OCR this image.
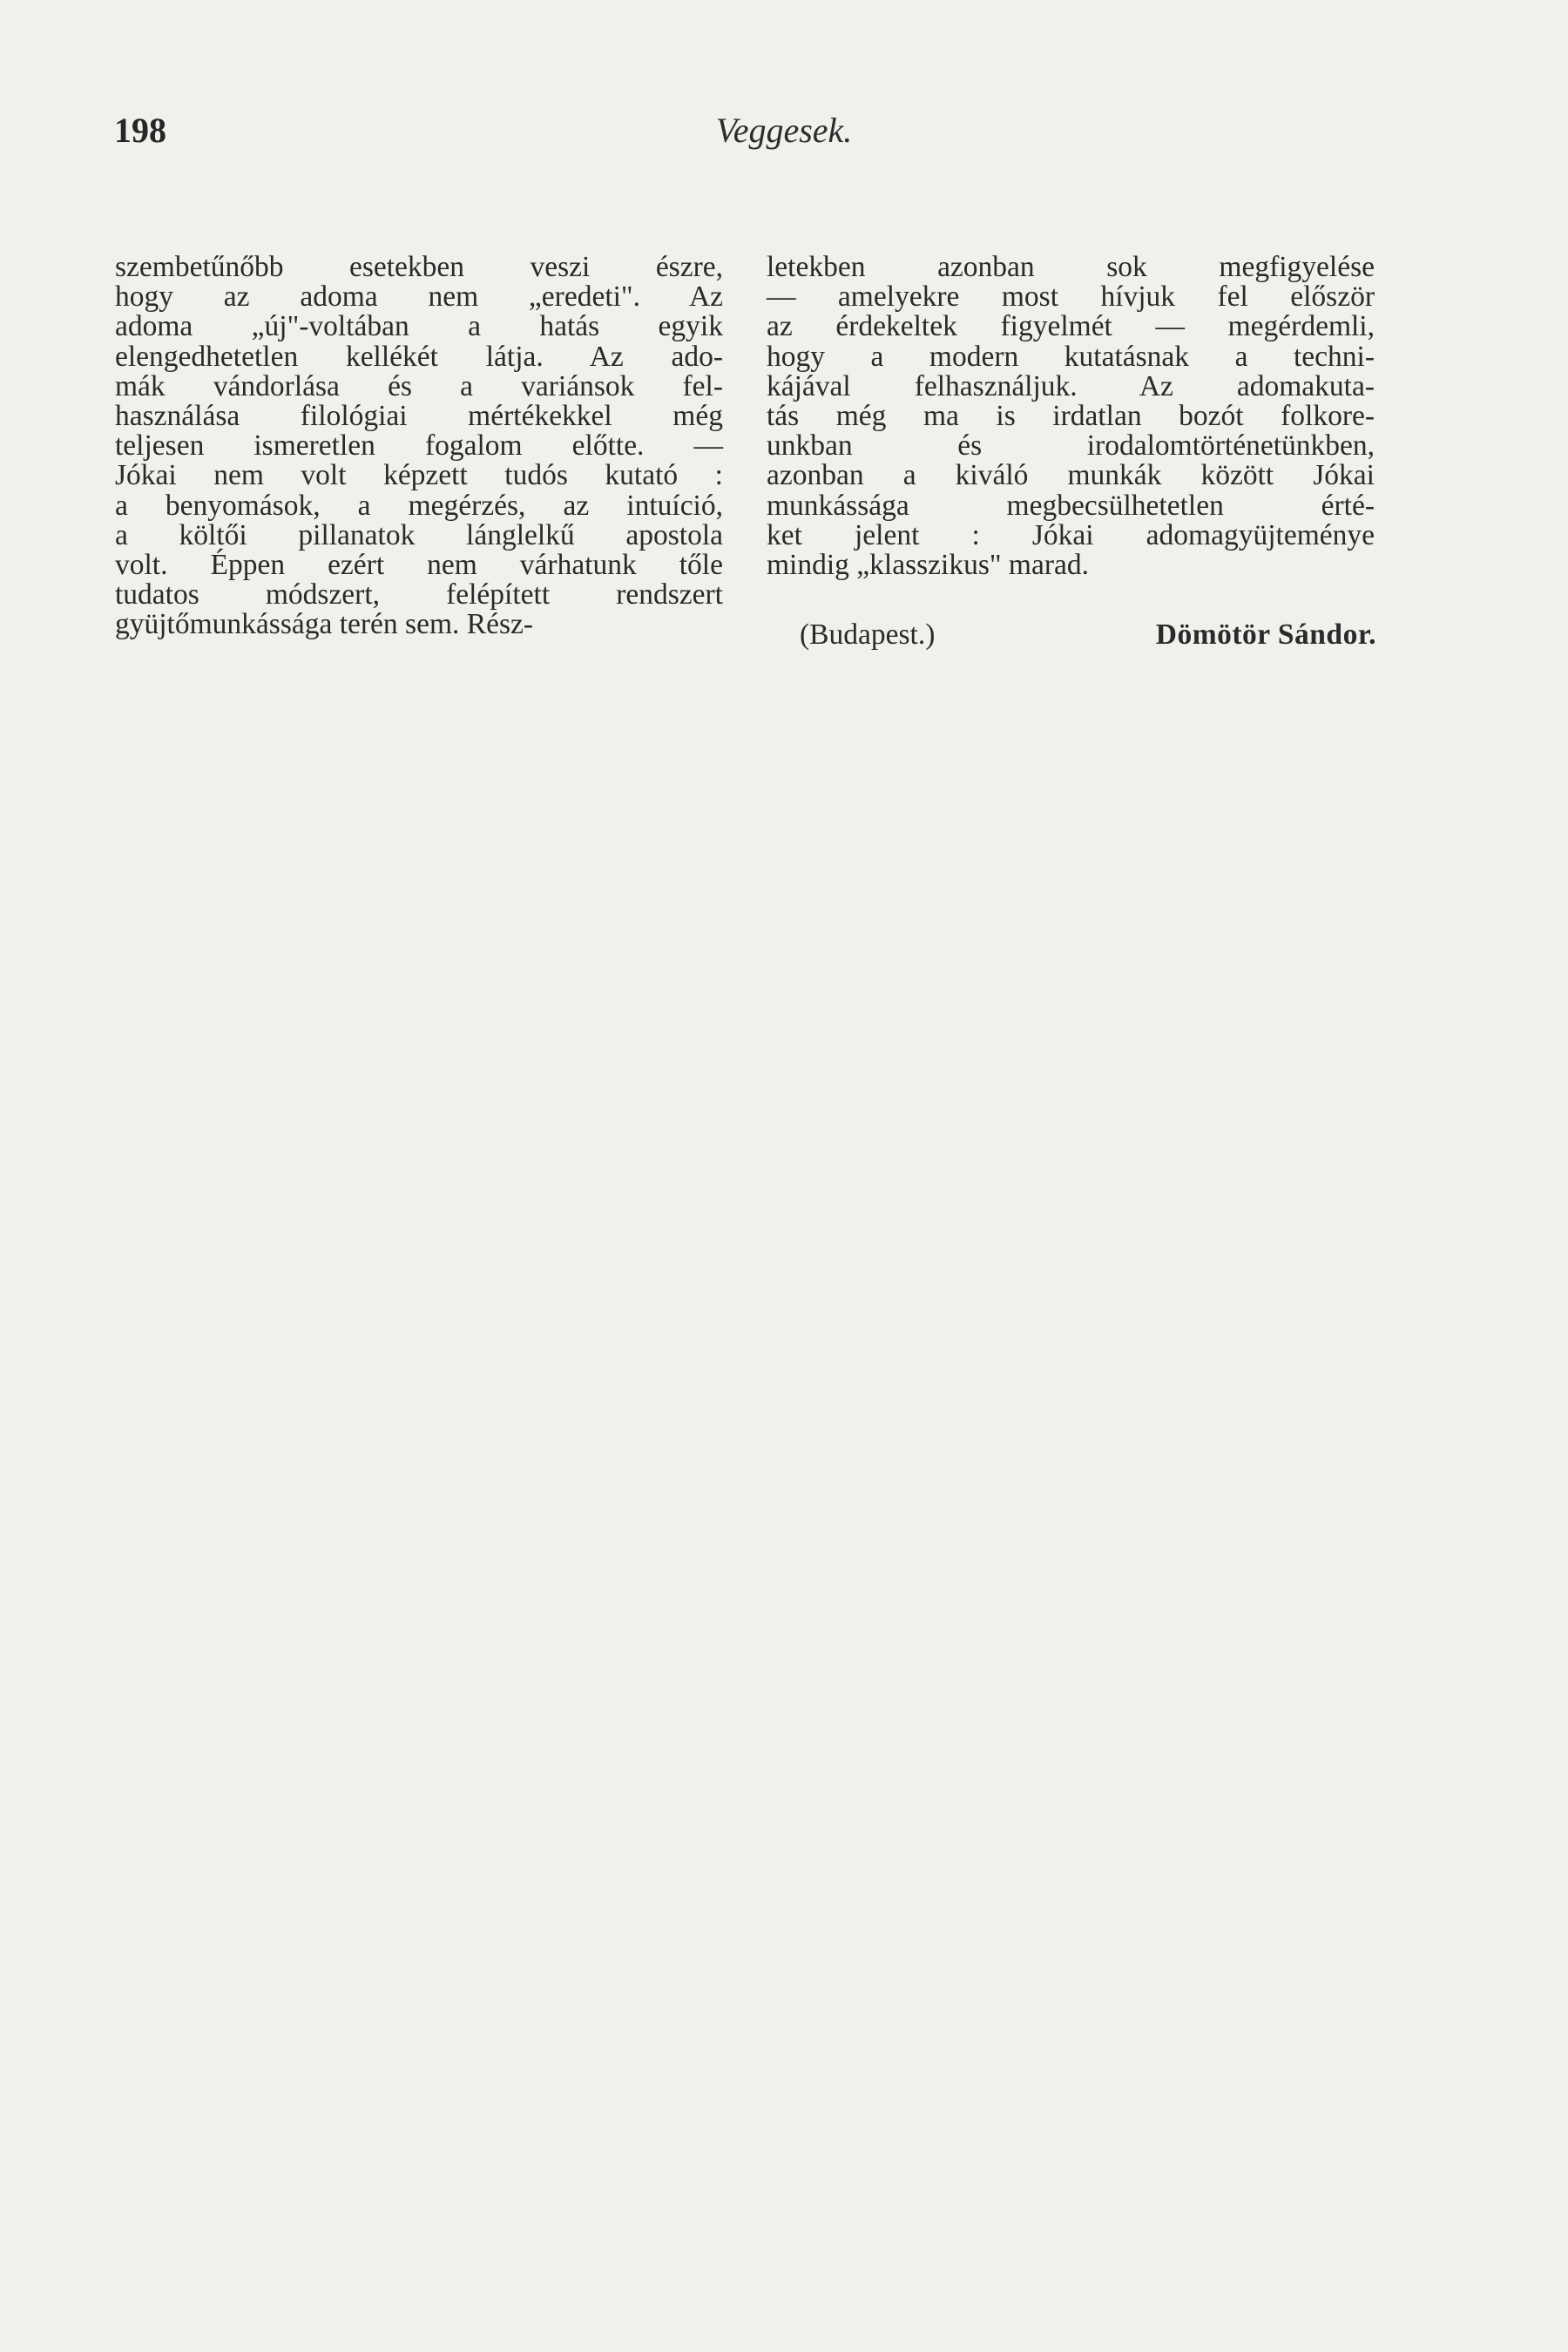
198	Veggesek.

szembetűnőbb esetekben veszi észre,

hogy az adoma nem „eredeti". Az

adoma „új"-voltában a hatás egyik

elengedhetetlen kellékét látja. Az ado-

mák vándorlása és a variánsok fel-

használása filológiai mértékekkel még

teljesen ismeretlen fogalom előtte. —

Jókai nem volt képzett tudós kutató :

a benyomások, a megérzés, az intuíció,

a költői pillanatok lánglelkű apostola

volt. Éppen ezért nem várhatunk tőle

tudatos módszert, felépített rendszert

gyüjtőmunkássága terén sem. Rész-

letekben azonban sok megfigyelése

— amelyekre most hívjuk fel először

az érdekeltek figyelmét — megérdemli,

hogy a modern kutatásnak a techni-

kájával felhasználjuk. Az adomakuta-

tás még ma is irdatlan bozót folkore-

unkban és irodalomtörténetünkben,

azonban a kiváló munkák között Jókai

munkássága megbecsülhetetlen érté-

ket jelent : Jókai adomagyüjteménye

mindig „klasszikus" marad.

(Budapest.)	Dömötör Sándor.
